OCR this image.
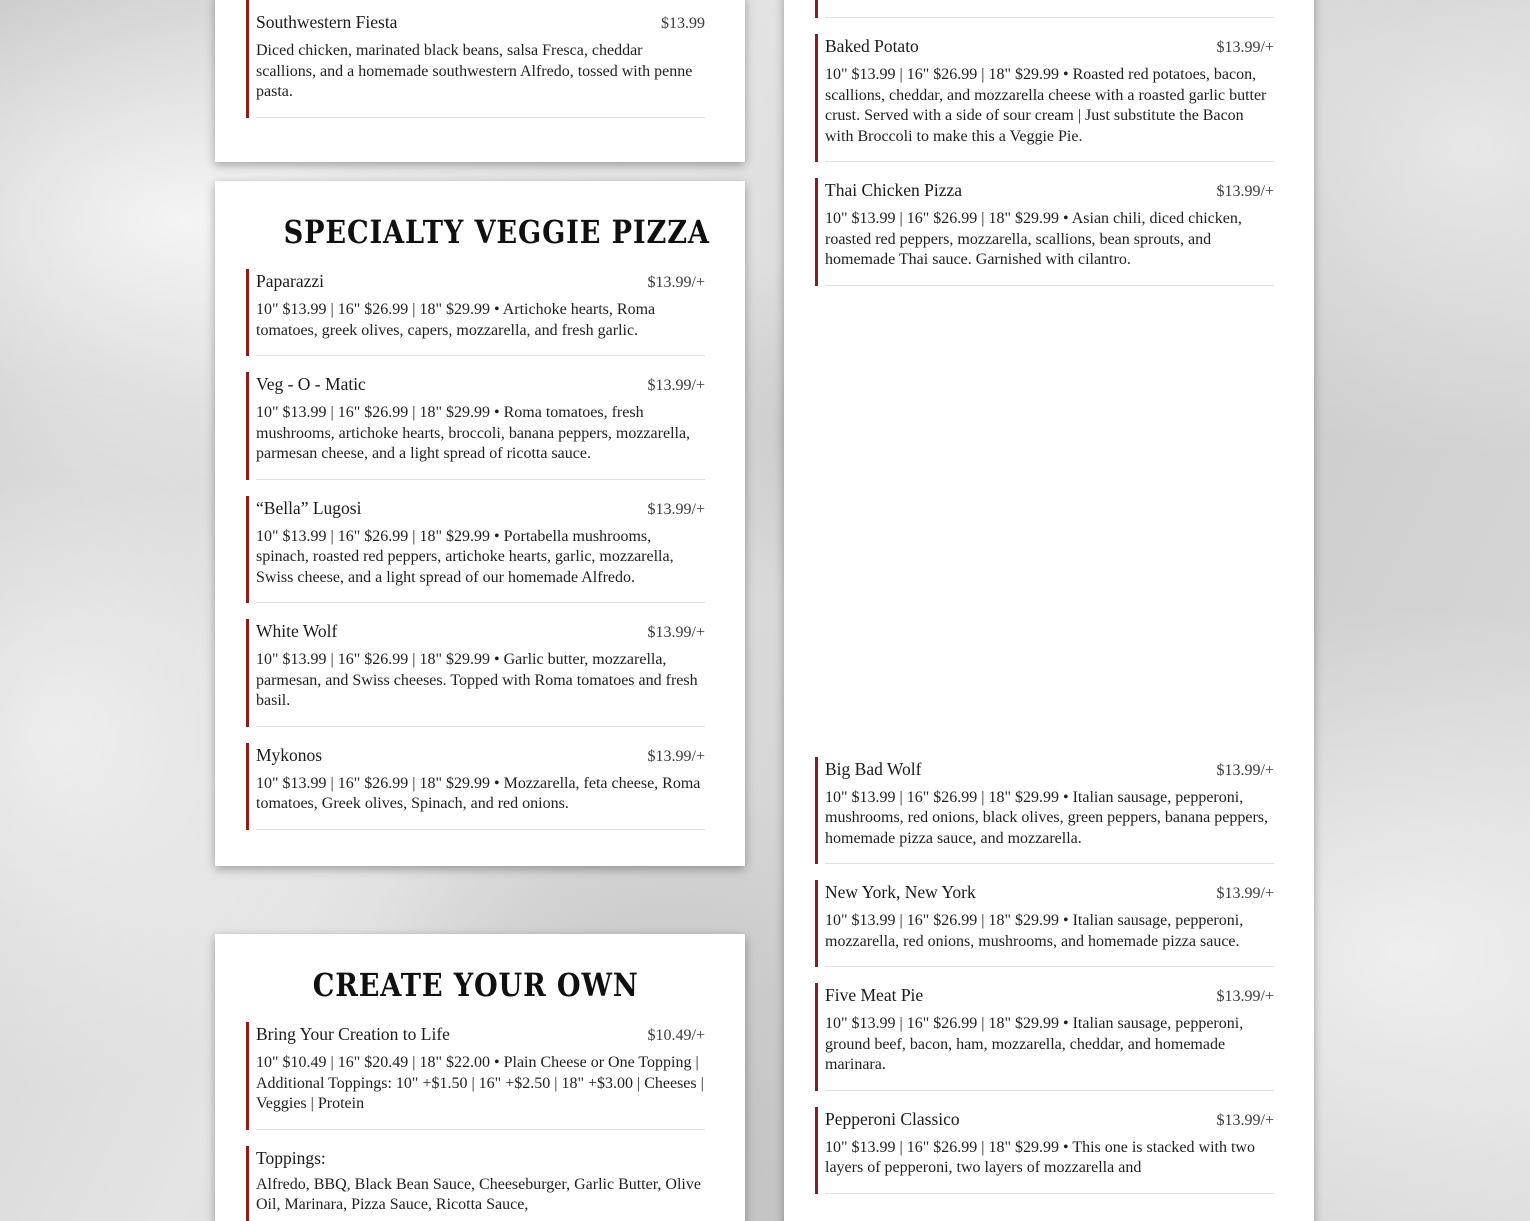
Southwestern Fiesta	$13.99
Diced chicken, marinated black beans, salsa Fresca, cheddar scallions, and a homemade southwestern Alfredo, tossed with penne pasta.
SPECIALTY VEGGIE PIZZA
Paparazzi	$13.99/+
10" $13.99 | 16" $26.99 | 18" $29.99 • Artichoke hearts, Roma tomatoes, greek olives, capers, mozzarella, and fresh garlic.
Veg - O - Matic	$13.99/+
10" $13.99 | 16" $26.99 | 18" $29.99 • Roma tomatoes, fresh mushrooms, artichoke hearts, broccoli, banana peppers, mozzarella, parmesan cheese, and a light spread of ricotta sauce.
“Bella” Lugosi	$13.99/+
10" $13.99 | 16" $26.99 | 18" $29.99 • Portabella mushrooms, spinach, roasted red peppers, artichoke hearts, garlic, mozzarella, Swiss cheese, and a light spread of our homemade Alfredo.
White Wolf	$13.99/+
10" $13.99 | 16" $26.99 | 18" $29.99 • Garlic butter, mozzarella, parmesan, and Swiss cheeses. Topped with Roma tomatoes and fresh basil.
Mykonos	$13.99/+
10" $13.99 | 16" $26.99 | 18" $29.99 • Mozzarella, feta cheese, Roma tomatoes, Greek olives, Spinach, and red onions.
CREATE YOUR OWN
Bring Your Creation to Life	$10.49/+
10" $10.49 | 16" $20.49 | 18" $22.00 • Plain Cheese or One Topping | Additional Toppings: 10" +$1.50 | 16" +$2.50 | 18" +$3.00 | Cheeses | Veggies | Protein
Toppings:
Alfredo, BBQ, Black Bean Sauce, Cheeseburger, Garlic Butter, Olive Oil, Marinara, Pizza Sauce, Ricotta Sauce,
Baked Potato	$13.99/+
10" $13.99 | 16" $26.99 | 18" $29.99 • Roasted red potatoes, bacon, scallions, cheddar, and mozzarella cheese with a roasted garlic butter crust. Served with a side of sour cream | Just substitute the Bacon with Broccoli to make this a Veggie Pie.
Thai Chicken Pizza	$13.99/+
10" $13.99 | 16" $26.99 | 18" $29.99 • Asian chili, diced chicken, roasted red peppers, mozzarella, scallions, bean sprouts, and homemade Thai sauce. Garnished with cilantro.
Big Bad Wolf	$13.99/+
10" $13.99 | 16" $26.99 | 18" $29.99 • Italian sausage, pepperoni, mushrooms, red onions, black olives, green peppers, banana peppers, homemade pizza sauce, and mozzarella.
New York, New York	$13.99/+
10" $13.99 | 16" $26.99 | 18" $29.99 • Italian sausage, pepperoni, mozzarella, red onions, mushrooms, and homemade pizza sauce.
Five Meat Pie	$13.99/+
10" $13.99 | 16" $26.99 | 18" $29.99 • Italian sausage, pepperoni, ground beef, bacon, ham, mozzarella, cheddar, and homemade marinara.
Pepperoni Classico	$13.99/+
10" $13.99 | 16" $26.99 | 18" $29.99 • This one is stacked with two layers of pepperoni, two layers of mozzarella and
